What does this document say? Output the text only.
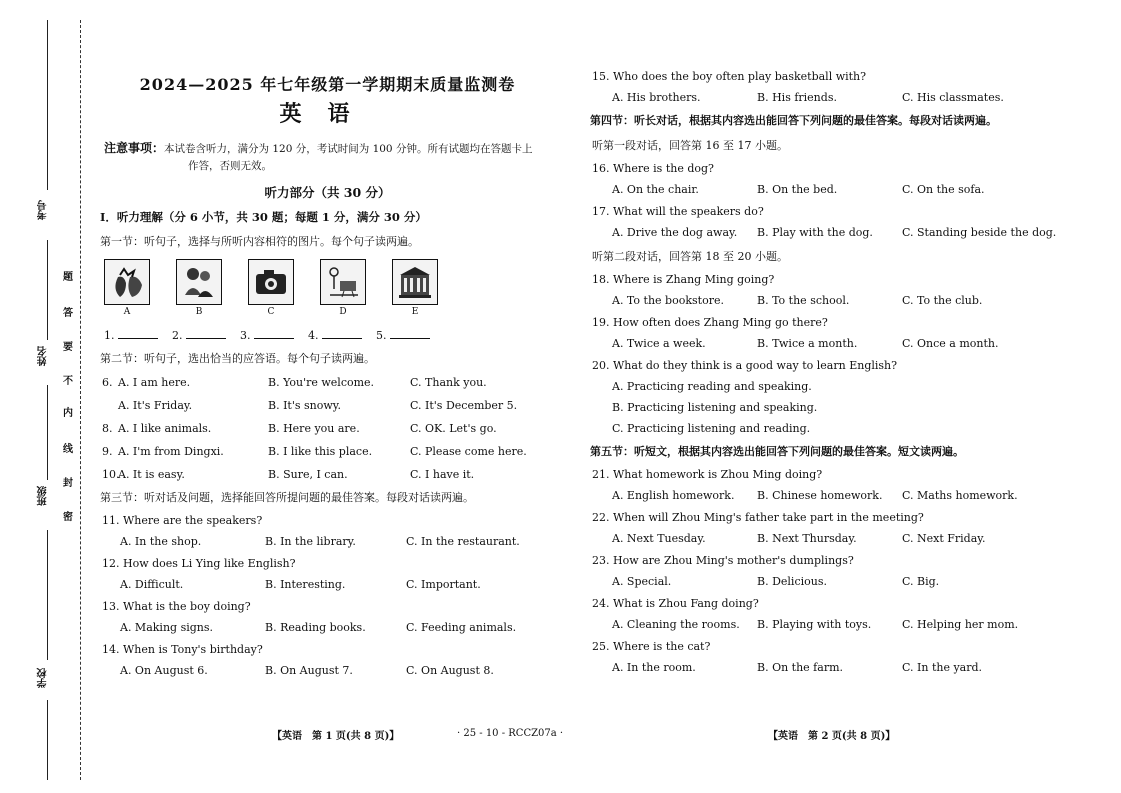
考号
姓名
班级
学校
题
答
要
不
内
线
封
密
2024—2025 年七年级第一学期期末质量监测卷
英语
注意事项：本试卷含听力，满分为 120 分，考试时间为 100 分钟。所有试题均在答题卡上
作答，否则无效。
听力部分（共 30 分）
Ⅰ．听力理解（分 6 小节，共 30 题；每题 1 分，满分 30 分）
第一节：听句子，选择与所听内容相符的图片。每个句子读两遍。
A	B	C	D	E
1.	2.	3.	4.	5.
第二节：听句子，选出恰当的应答语。每个句子读两遍。
6. A. I am here.	B. You're welcome.	C. Thank you.
A. It's Friday.	B. It's snowy.	C. It's December 5.
8. A. I like animals.	B. Here you are.	C. OK. Let's go.
9. A. I'm from Dingxi.	B. I like this place.	C. Please come here.
10.
A. It is easy.	B. Sure, I can.	C. I have it.
第三节：听对话及问题，选择能回答所提问题的最佳答案。每段对话读两遍。
11. Where are the speakers?
A. In the shop.	B. In the library.	C. In the restaurant.
12. How does Li Ying like English?
A. Difficult.	B. Interesting.	C. Important.
13. What is the boy doing?
A. Making signs.	B. Reading books.	C. Feeding animals.
14. When is Tony's birthday?
A. On August 6.	B. On August 7.	C. On August 8.
15. Who does the boy often play basketball with?
A. His brothers.	B. His friends.	C. His classmates.
第四节：听长对话，根据其内容选出能回答下列问题的最佳答案。每段对话读两遍。
听第一段对话，回答第 16 至 17 小题。
16. Where is the dog?
A. On the chair.	B. On the bed.	C. On the sofa.
17. What will the speakers do?
A. Drive the dog away.	B. Play with the dog.	C. Standing beside the dog.
听第二段对话，回答第 18 至 20 小题。
18. Where is Zhang Ming going?
A. To the bookstore.	B. To the school.	C. To the club.
19. How often does Zhang Ming go there?
A. Twice a week.	B. Twice a month.	C. Once a month.
20. What do they think is a good way to learn English?
A. Practicing reading and speaking.
B. Practicing listening and speaking.
C. Practicing listening and reading.
第五节：听短文，根据其内容选出能回答下列问题的最佳答案。短文读两遍。
21. What homework is Zhou Ming doing?
A. English homework.	B. Chinese homework.	C. Maths homework.
22. When will Zhou Ming's father take part in the meeting?
A. Next Tuesday.	B. Next Thursday.	C. Next Friday.
23. How are Zhou Ming's mother's dumplings?
A. Special.	B. Delicious.	C. Big.
24. What is Zhou Fang doing?
A. Cleaning the rooms.	B. Playing with toys.	C. Helping her mom.
25. Where is the cat?
A. In the room.	B. On the farm.	C. In the yard.
【英语　第 1 页(共 8 页)】	· 25 - 10 - RCCZ07a ·	【英语　第 2 页(共 8 页)】
